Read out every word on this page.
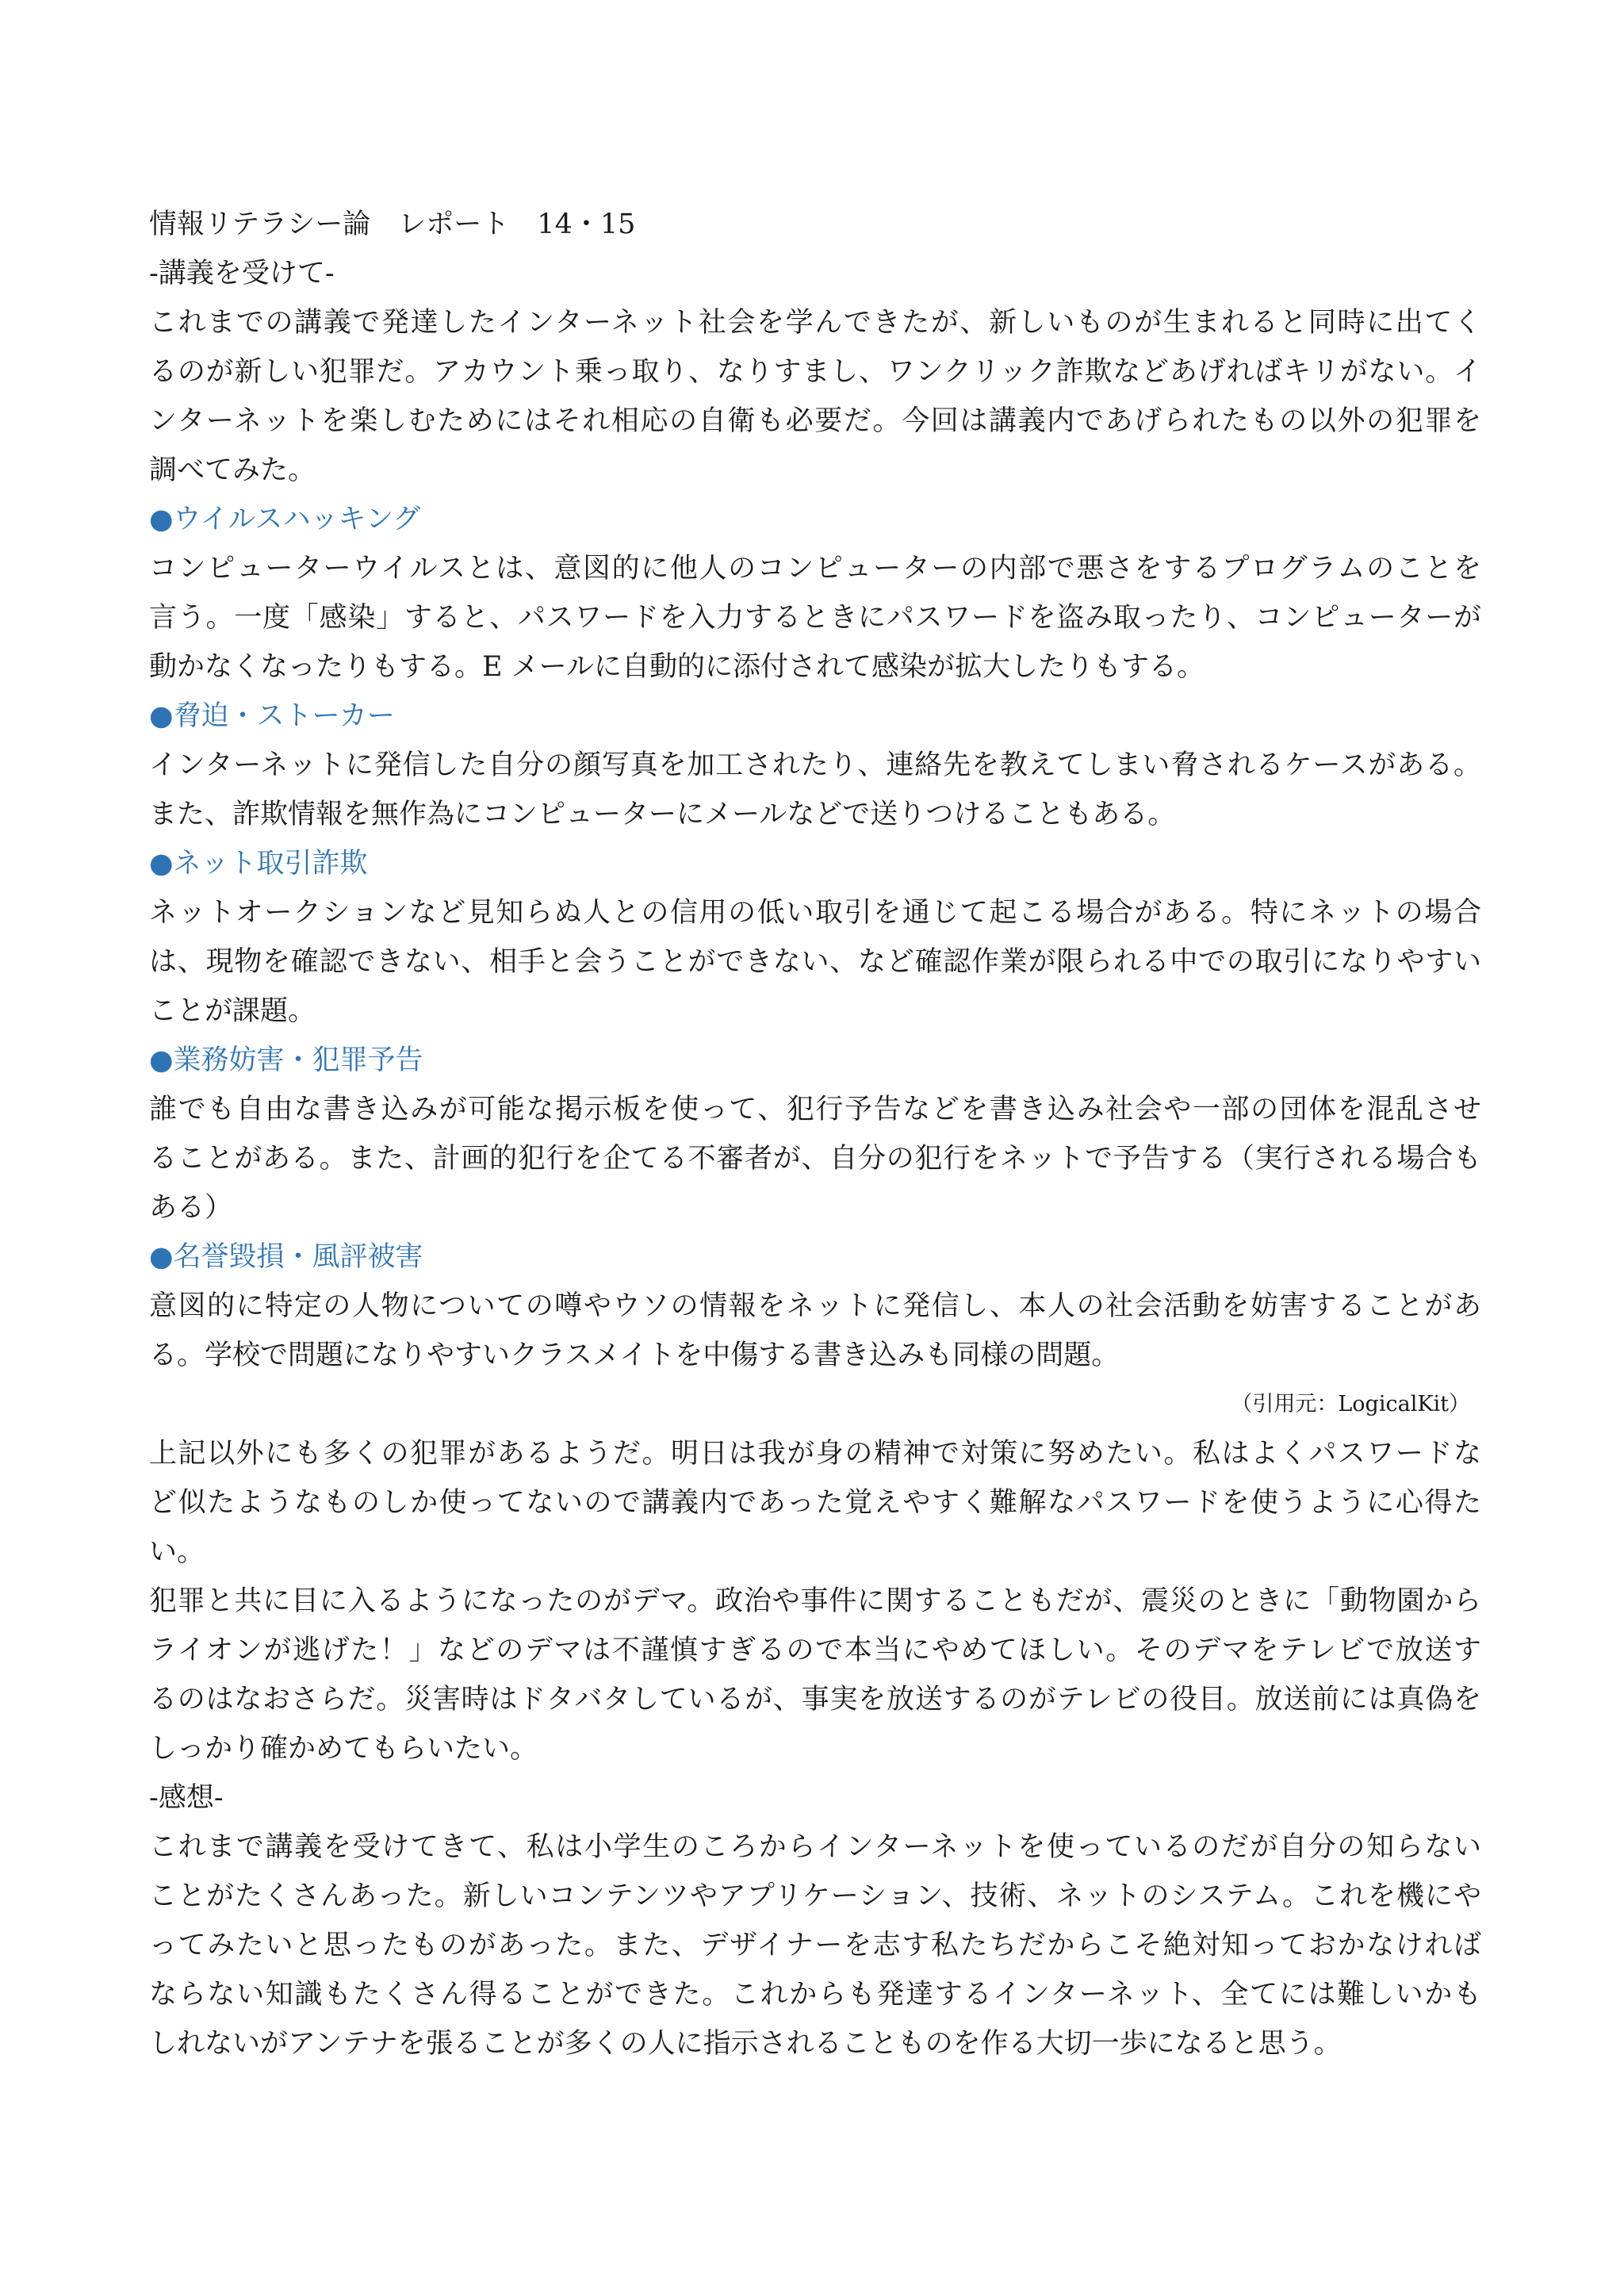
情報リテラシー論　レポート　14・15
-講義を受けて-
これまでの講義で発達したインターネット社会を学んできたが、新しいものが生まれると同時に出てく
るのが新しい犯罪だ。アカウント乗っ取り、なりすまし、ワンクリック詐欺などあげればキリがない。イ
ンターネットを楽しむためにはそれ相応の自衛も必要だ。今回は講義内であげられたもの以外の犯罪を
調べてみた。
●ウイルスハッキング
コンピューターウイルスとは、意図的に他人のコンピューターの内部で悪さをするプログラムのことを
言う。一度「感染」すると、パスワードを入力するときにパスワードを盗み取ったり、コンピューターが
動かなくなったりもする。E メールに自動的に添付されて感染が拡大したりもする。
●脅迫・ストーカー
インターネットに発信した自分の顔写真を加工されたり、連絡先を教えてしまい脅されるケースがある。
また、詐欺情報を無作為にコンピューターにメールなどで送りつけることもある。
●ネット取引詐欺
ネットオークションなど見知らぬ人との信用の低い取引を通じて起こる場合がある。特にネットの場合
は、現物を確認できない、相手と会うことができない、など確認作業が限られる中での取引になりやすい
ことが課題。
●業務妨害・犯罪予告
誰でも自由な書き込みが可能な掲示板を使って、犯行予告などを書き込み社会や一部の団体を混乱させ
ることがある。また、計画的犯行を企てる不審者が、自分の犯行をネットで予告する（実行される場合も
ある）
●名誉毀損・風評被害
意図的に特定の人物についての噂やウソの情報をネットに発信し、本人の社会活動を妨害することがあ
る。学校で問題になりやすいクラスメイトを中傷する書き込みも同様の問題。
（引用元：LogicalKit）
上記以外にも多くの犯罪があるようだ。明日は我が身の精神で対策に努めたい。私はよくパスワードな
ど似たようなものしか使ってないので講義内であった覚えやすく難解なパスワードを使うように心得た
い。
犯罪と共に目に入るようになったのがデマ。政治や事件に関することもだが、震災のときに「動物園から
ライオンが逃げた！」などのデマは不謹慎すぎるので本当にやめてほしい。そのデマをテレビで放送す
るのはなおさらだ。災害時はドタバタしているが、事実を放送するのがテレビの役目。放送前には真偽を
しっかり確かめてもらいたい。
-感想-
これまで講義を受けてきて、私は小学生のころからインターネットを使っているのだが自分の知らない
ことがたくさんあった。新しいコンテンツやアプリケーション、技術、ネットのシステム。これを機にや
ってみたいと思ったものがあった。また、デザイナーを志す私たちだからこそ絶対知っておかなければ
ならない知識もたくさん得ることができた。これからも発達するインターネット、全てには難しいかも
しれないがアンテナを張ることが多くの人に指示されることものを作る大切一歩になると思う。
